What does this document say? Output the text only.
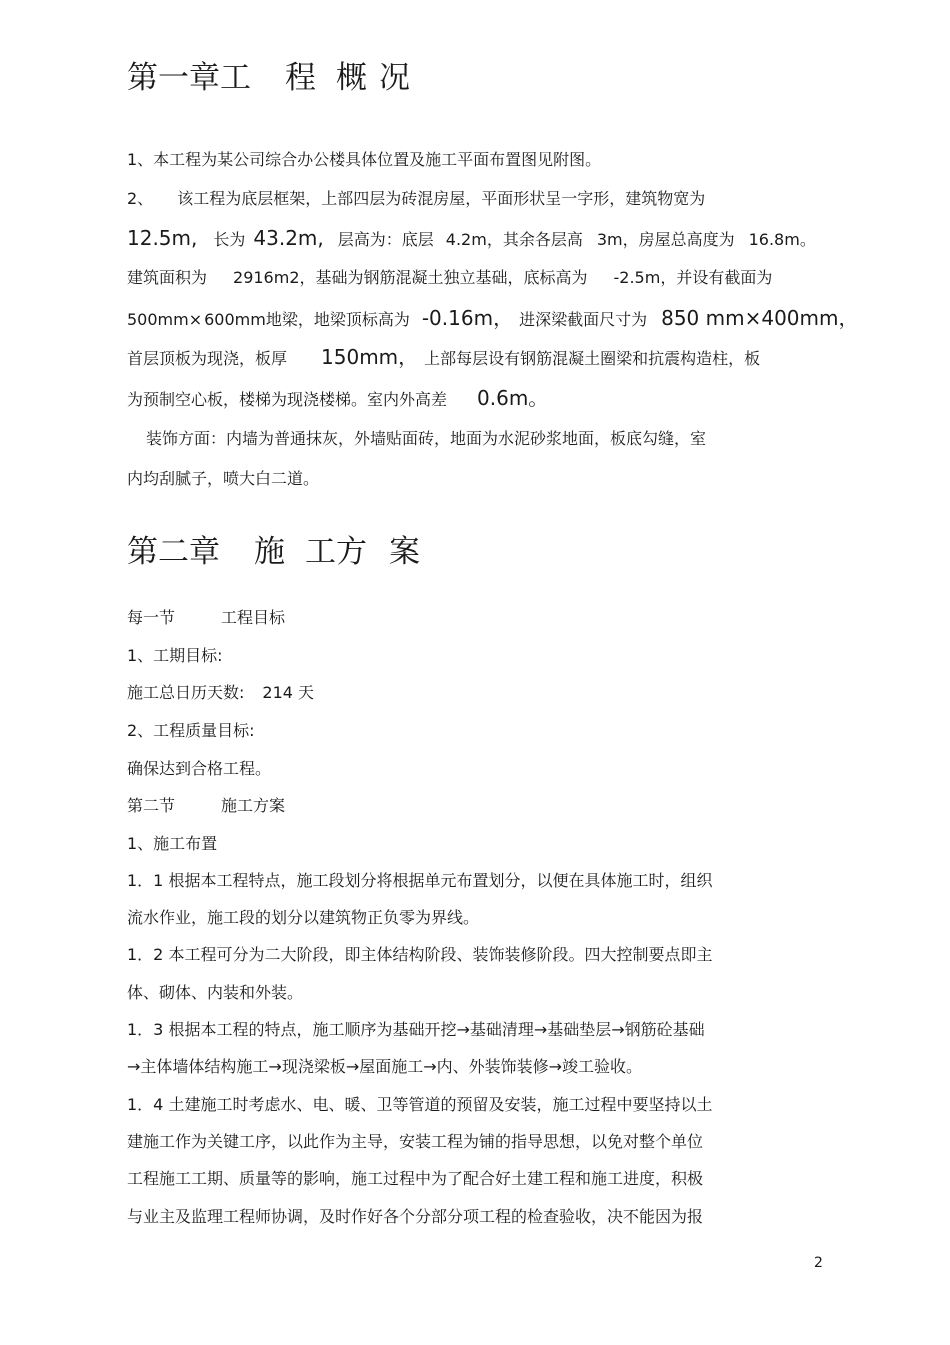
第一章工 程 概 况
1、本工程为某公司综合办公楼具体位置及施工平面布置图见附图。
2、 该工程为底层框架，上部四层为砖混房屋，平面形状呈一字形，建筑物宽为
12.5m, 长为 43.2m, 层高为：底层 4.2m，其余各层高 3m，房屋总高度为 16.8m。
建筑面积为 2916m2，基础为钢筋混凝土独立基础，底标高为 -2.5m，并设有截面为
500mm× 600mm地梁，地梁顶标高为 -0.16m， 进深梁截面尺寸为 850 mm×400mm，
首层顶板为现浇，板厚 150mm， 上部每层设有钢筋混凝土圈梁和抗震构造柱，板
为预制空心板，楼梯为现浇楼梯。室内外高差 0.6m。
装饰方面：内墙为普通抹灰，外墙贴面砖，地面为水泥砂浆地面，板底勾缝，室
内均刮腻子，喷大白二道。
第二章 施 工方 案
每一节	工程目标
1、工期目标:
施工总日历天数: 214 天
2、工程质量目标:
确保达到合格工程。
第二节	施工方案
1、施工布置
1．1 根据本工程特点，施工段划分将根据单元布置划分，以便在具体施工时，组织
流水作业，施工段的划分以建筑物正负零为界线。
1．2 本工程可分为二大阶段，即主体结构阶段、装饰装修阶段。四大控制要点即主
体、砌体、内装和外装。
1．3 根据本工程的特点，施工顺序为基础开挖→基础清理→基础垫层→钢筋砼基础
→主体墙体结构施工→现浇梁板→屋面施工→内、外装饰装修→竣工验收。
1．4 土建施工时考虑水、电、暖、卫等管道的预留及安装，施工过程中要坚持以土
建施工作为关键工序，以此作为主导，安装工程为铺的指导思想，以免对整个单位
工程施工工期、质量等的影响，施工过程中为了配合好土建工程和施工进度，积极
与业主及监理工程师协调，及时作好各个分部分项工程的检查验收，决不能因为报
2
